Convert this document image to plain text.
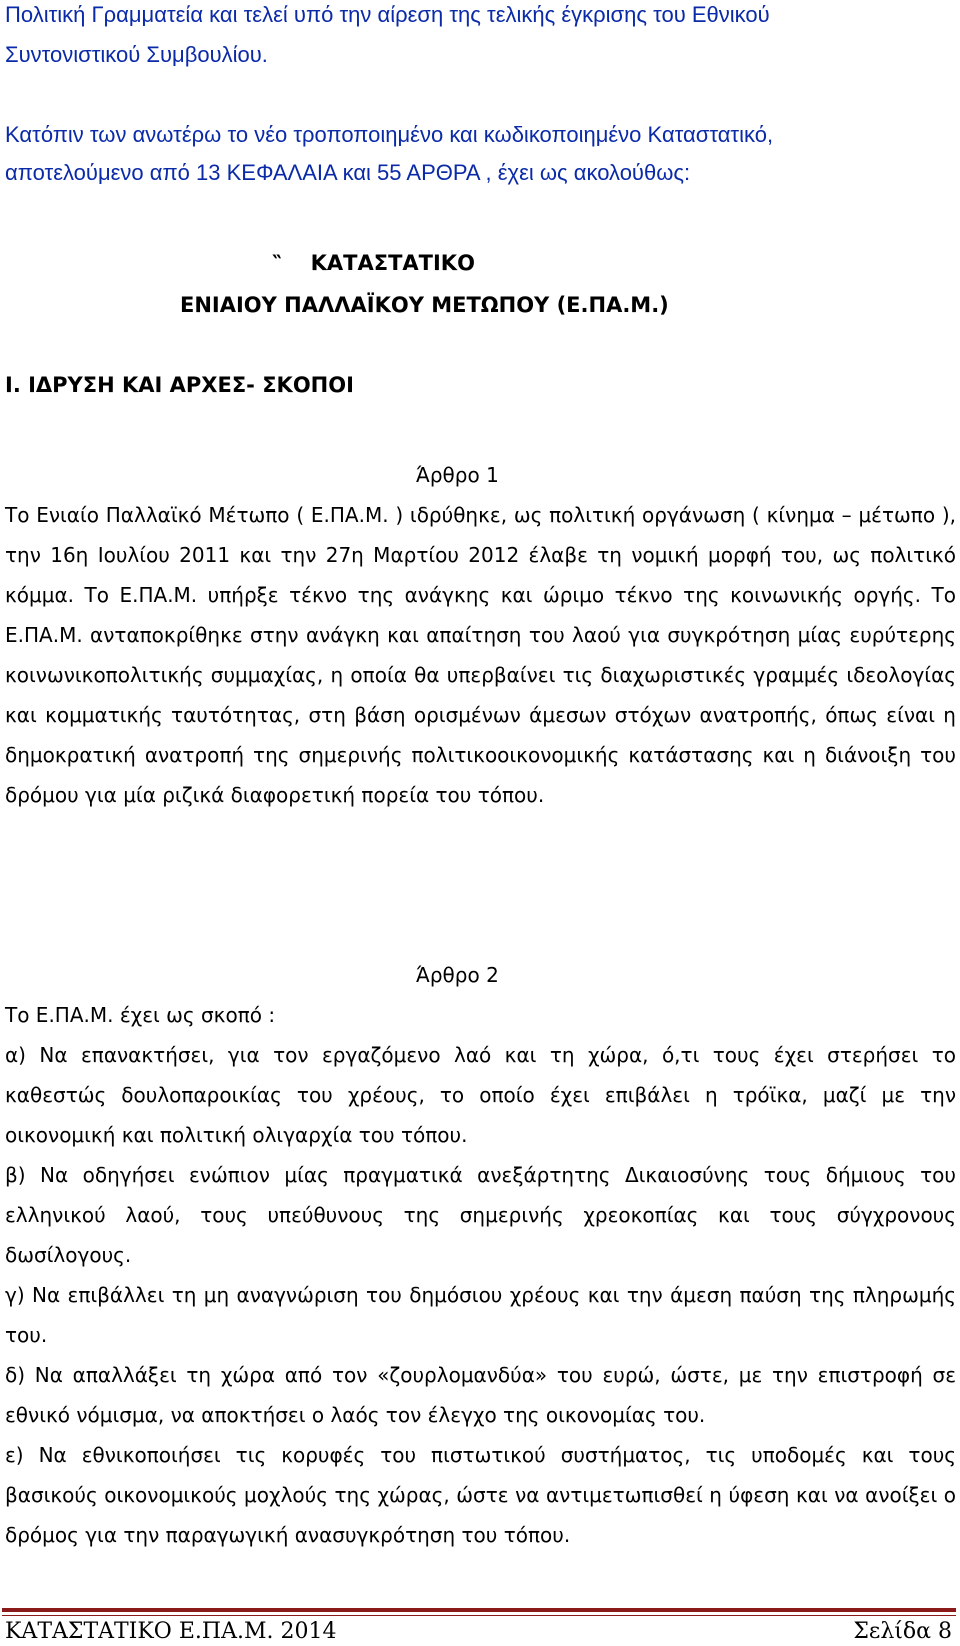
Πολιτική Γραμματεία και τελεί υπό την αίρεση της τελικής έγκρισης του Εθνικού
Συντονιστικού Συμβουλίου.
Κατόπιν των ανωτέρω το νέο τροποποιημένο και κωδικοποιημένο Καταστατικό,
αποτελούμενο από 13 ΚΕΦΑΛΑΙΑ και 55 ΑΡΘΡΑ , έχει ως ακολούθως:
‶ ΚΑΤΑΣΤΑΤΙΚΟ
ΕΝΙΑΙΟΥ ΠΑΛΛΑΪΚΟΥ ΜΕΤΩΠΟΥ (Ε.ΠΑ.Μ.)
Ι. ΙΔΡΥΣΗ ΚΑΙ ΑΡΧΕΣ- ΣΚΟΠΟΙ
Άρθρο 1
Το Ενιαίο Παλλαϊκό Μέτωπο ( Ε.ΠΑ.Μ. ) ιδρύθηκε, ως πολιτική οργάνωση ( κίνημα – μέτωπο ), την 16η Ιουλίου 2011 και την 27η Μαρτίου 2012 έλαβε τη νομική μορφή του, ως πολιτικό κόμμα. Το Ε.ΠΑ.Μ. υπήρξε τέκνο της ανάγκης και ώριμο τέκνο της κοινωνικής οργής. Το Ε.ΠΑ.Μ. ανταποκρίθηκε στην ανάγκη και απαίτηση του λαού για συγκρότηση μίας ευρύτερης κοινωνικοπολιτικής συμμαχίας, η οποία θα υπερβαίνει τις διαχωριστικές γραμμές ιδεολογίας και κομματικής ταυτότητας, στη βάση ορισμένων άμεσων στόχων ανατροπής, όπως είναι η δημοκρατική ανατροπή της σημερινής πολιτικοοικονομικής κατάστασης και η διάνοιξη του δρόμου για μία ριζικά διαφορετική πορεία του τόπου.
Άρθρο 2
Το Ε.ΠΑ.Μ. έχει ως σκοπό :
α) Να επανακτήσει, για τον εργαζόμενο λαό και τη χώρα, ό,τι τους έχει στερήσει το καθεστώς δουλοπαροικίας του χρέους, το οποίο έχει επιβάλει η τρόϊκα, μαζί με την οικονομική και πολιτική ολιγαρχία του τόπου.
β) Να οδηγήσει ενώπιον μίας πραγματικά ανεξάρτητης Δικαιοσύνης τους δήμιους του ελληνικού λαού, τους υπεύθυνους της σημερινής χρεοκοπίας και τους σύγχρονους δωσίλογους.
γ) Να επιβάλλει τη μη αναγνώριση του δημόσιου χρέους και την άμεση παύση της πληρωμής του.
δ) Να απαλλάξει τη χώρα από τον «ζουρλομανδύα» του ευρώ, ώστε, με την επιστροφή σε εθνικό νόμισμα, να αποκτήσει ο λαός τον έλεγχο της οικονομίας του.
ε) Να εθνικοποιήσει τις κορυφές του πιστωτικού συστήματος, τις υποδομές και τους βασικούς οικονομικούς μοχλούς της χώρας, ώστε να αντιμετωπισθεί η ύφεση και να ανοίξει ο δρόμος για την παραγωγική ανασυγκρότηση του τόπου.
ΚΑΤΑΣΤΑΤΙΚΟ Ε.ΠΑ.Μ. 2014	Σελίδα 8
